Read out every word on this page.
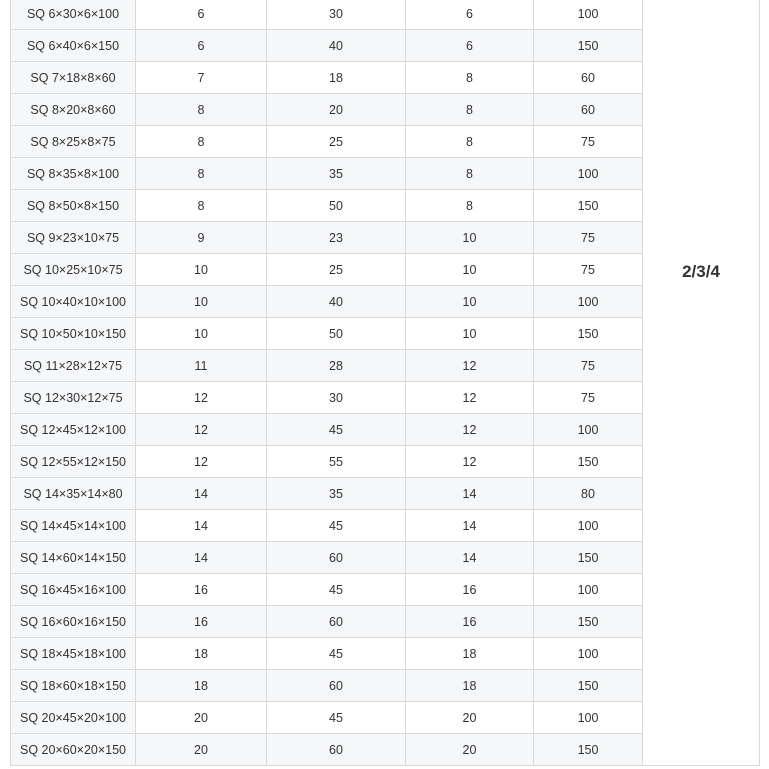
SQ 6×30×6×100	6	30	6	100	
SQ 6×40×6×150	6	40	6	150	
SQ 7×18×8×60	7	18	8	60	
SQ 8×20×8×60	8	20	8	60	
SQ 8×25×8×75	8	25	8	75	
SQ 8×35×8×100	8	35	8	100	
SQ 8×50×8×150	8	50	8	150	
SQ 9×23×10×75	9	23	10	75	
SQ 10×25×10×75	10	25	10	75	2/3/4
SQ 10×40×10×100	10	40	10	100	
SQ 10×50×10×150	10	50	10	150	
SQ 11×28×12×75	11	28	12	75	
SQ 12×30×12×75	12	30	12	75	
SQ 12×45×12×100	12	45	12	100	
SQ 12×55×12×150	12	55	12	150	
SQ 14×35×14×80	14	35	14	80	
SQ 14×45×14×100	14	45	14	100	
SQ 14×60×14×150	14	60	14	150	
SQ 16×45×16×100	16	45	16	100	
SQ 16×60×16×150	16	60	16	150	
SQ 18×45×18×100	18	45	18	100	
SQ 18×60×18×150	18	60	18	150	
SQ 20×45×20×100	20	45	20	100	
SQ 20×60×20×150	20	60	20	150	
